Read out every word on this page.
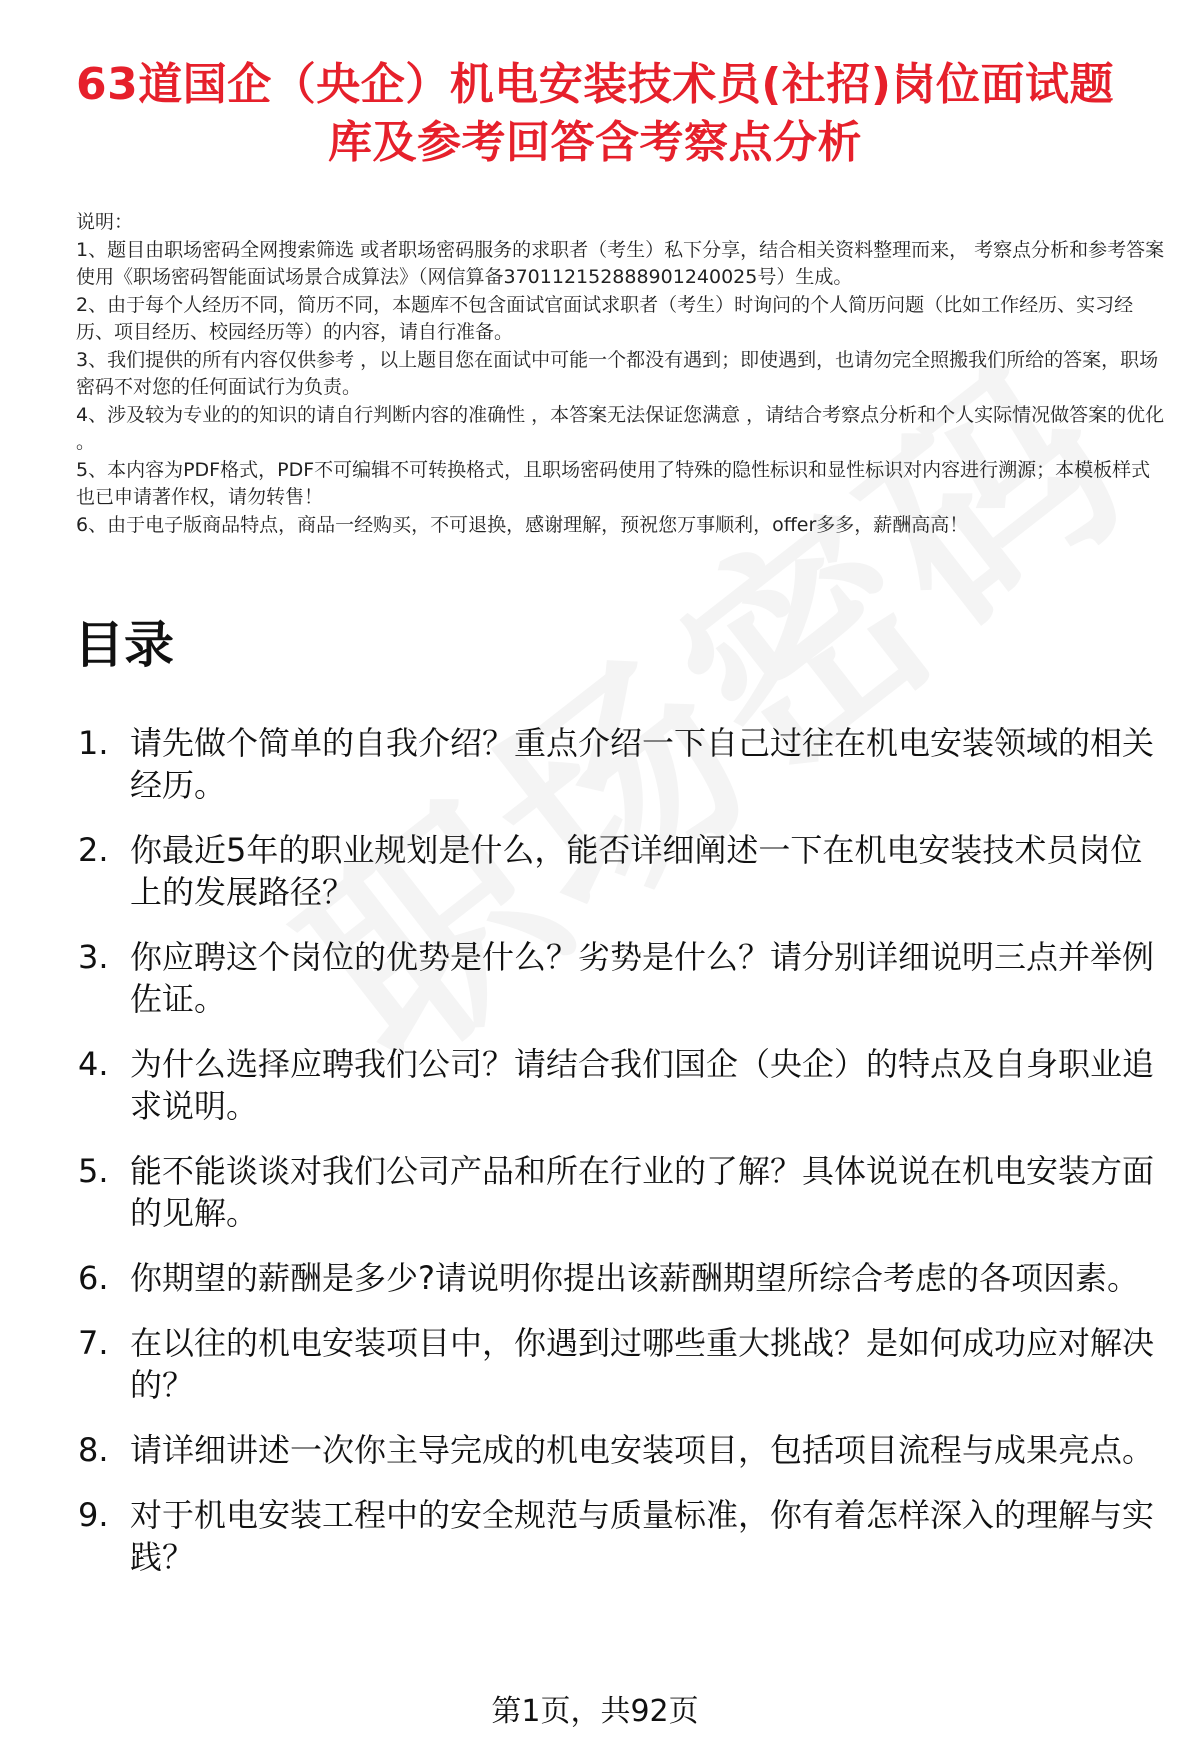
63道国企（央企）机电安装技术员(社招)岗位面试题库及参考回答含考察点分析

说明：

1、题目由职场密码全网搜索筛选 或者职场密码服务的求职者（考生）私下分享，结合相关资料整理而来， 考察点分析和参考答案使用《职场密码智能面试场景合成算法》（网信算备370112152888901240025号）生成。

2、由于每个人经历不同，简历不同，本题库不包含面试官面试求职者（考生）时询问的个人简历问题（比如工作经历、实习经历、项目经历、校园经历等）的内容，请自行准备。

3、我们提供的所有内容仅供参考 ，以上题目您在面试中可能一个都没有遇到；即使遇到，也请勿完全照搬我们所给的答案，职场密码不对您的任何面试行为负责。

4、涉及较为专业的的知识的请自行判断内容的准确性 ，本答案无法保证您满意 ，请结合考察点分析和个人实际情况做答案的优化 。

5、本内容为PDF格式，PDF不可编辑不可转换格式，且职场密码使用了特殊的隐性标识和显性标识对内容进行溯源；本模板样式也已申请著作权，请勿转售！

6、由于电子版商品特点，商品一经购买，不可退换，感谢理解，预祝您万事顺利，offer多多，薪酬高高！

目录
1. 请先做个简单的自我介绍？重点介绍一下自己过往在机电安装领域的相关经历。
2. 你最近5年的职业规划是什么，能否详细阐述一下在机电安装技术员岗位上的发展路径？
3. 你应聘这个岗位的优势是什么？劣势是什么？请分别详细说明三点并举例佐证。
4. 为什么选择应聘我们公司？请结合我们国企（央企）的特点及自身职业追求说明。
5. 能不能谈谈对我们公司产品和所在行业的了解？具体说说在机电安装方面的见解。
6. 你期望的薪酬是多少?请说明你提出该薪酬期望所综合考虑的各项因素。
7. 在以往的机电安装项目中，你遇到过哪些重大挑战？是如何成功应对解决的？
8. 请详细讲述一次你主导完成的机电安装项目，包括项目流程与成果亮点。
9. 对于机电安装工程中的安全规范与质量标准，你有着怎样深入的理解与实践？
第1页，共92页
